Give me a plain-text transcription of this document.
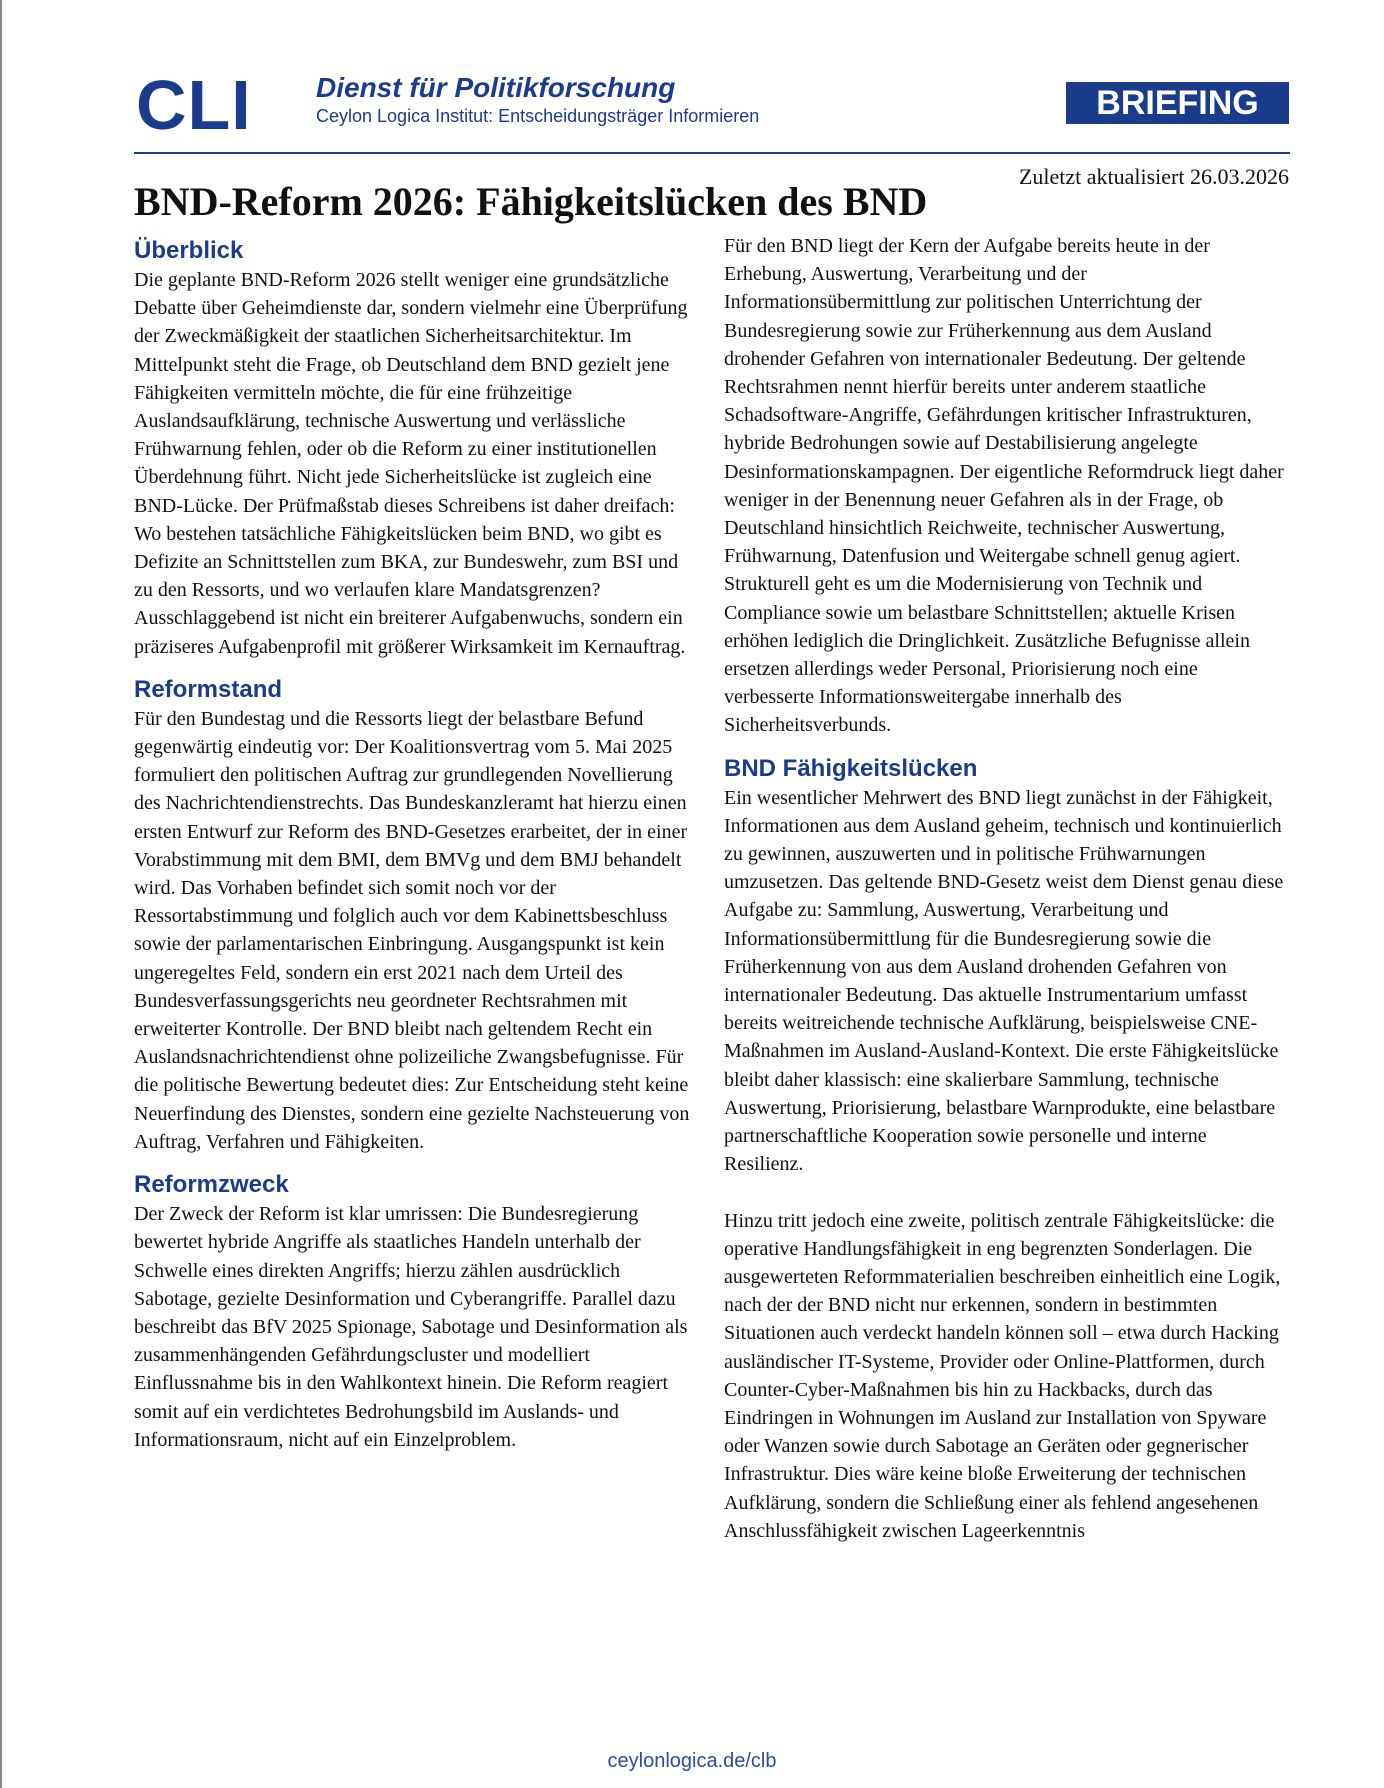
CLI Dienst für Politikforschung
Ceylon Logica Institut: Entscheidungsträger Informieren	BRIEFING
Zuletzt aktualisiert 26.03.2026
BND-Reform 2026: Fähigkeitslücken des BND
Überblick

Die geplante BND-Reform 2026 stellt weniger eine grundsätzliche Debatte über Geheimdienste dar, sondern vielmehr eine Überprüfung der Zweckmäßigkeit der staatlichen Sicherheitsarchitektur. Im Mittelpunkt steht die Frage, ob Deutschland dem BND gezielt jene Fähigkeiten vermitteln möchte, die für eine frühzeitige Auslandsaufklärung, technische Auswertung und verlässliche Frühwarnung fehlen, oder ob die Reform zu einer institutionellen Überdehnung führt. Nicht jede Sicherheitslücke ist zugleich eine BND-Lücke. Der Prüfmaßstab dieses Schreibens ist daher dreifach: Wo bestehen tatsächliche Fähigkeitslücken beim BND, wo gibt es Defizite an Schnittstellen zum BKA, zur Bundeswehr, zum BSI und zu den Ressorts, und wo verlaufen klare Mandatsgrenzen? Ausschlaggebend ist nicht ein breiterer Aufgabenwuchs, sondern ein präziseres Aufgabenprofil mit größerer Wirksamkeit im Kernauftrag.

Reformstand

Für den Bundestag und die Ressorts liegt der belastbare Befund gegenwärtig eindeutig vor: Der Koalitionsvertrag vom 5. Mai 2025 formuliert den politischen Auftrag zur grundlegenden Novellierung des Nachrichtendienstrechts. Das Bundeskanzleramt hat hierzu einen ersten Entwurf zur Reform des BND-Gesetzes erarbeitet, der in einer Vorabstimmung mit dem BMI, dem BMVg und dem BMJ behandelt wird. Das Vorhaben befindet sich somit noch vor der Ressortabstimmung und folglich auch vor dem Kabinettsbeschluss sowie der parlamentarischen Einbringung. Ausgangspunkt ist kein ungeregeltes Feld, sondern ein erst 2021 nach dem Urteil des Bundesverfassungsgerichts neu geordneter Rechtsrahmen mit erweiterter Kontrolle. Der BND bleibt nach geltendem Recht ein Auslandsnachrichtendienst ohne polizeiliche Zwangsbefugnisse. Für die politische Bewertung bedeutet dies: Zur Entscheidung steht keine Neuerfindung des Dienstes, sondern eine gezielte Nachsteuerung von Auftrag, Verfahren und Fähigkeiten.

Reformzweck

Der Zweck der Reform ist klar umrissen: Die Bundesregierung bewertet hybride Angriffe als staatliches Handeln unterhalb der Schwelle eines direkten Angriffs; hierzu zählen ausdrücklich Sabotage, gezielte Desinformation und Cyberangriffe. Parallel dazu beschreibt das BfV 2025 Spionage, Sabotage und Desinformation als zusammenhängenden Gefährdungscluster und modelliert Einflussnahme bis in den Wahlkontext hinein. Die Reform reagiert somit auf ein verdichtetes Bedrohungsbild im Auslands- und Informationsraum, nicht auf ein Einzelproblem.

Für den BND liegt der Kern der Aufgabe bereits heute in der Erhebung, Auswertung, Verarbeitung und der Informationsübermittlung zur politischen Unterrichtung der Bundesregierung sowie zur Früherkennung aus dem Ausland drohender Gefahren von internationaler Bedeutung. Der geltende Rechtsrahmen nennt hierfür bereits unter anderem staatliche Schadsoftware-Angriffe, Gefährdungen kritischer Infrastrukturen, hybride Bedrohungen sowie auf Destabilisierung angelegte Desinformationskampagnen. Der eigentliche Reformdruck liegt daher weniger in der Benennung neuer Gefahren als in der Frage, ob Deutschland hinsichtlich Reichweite, technischer Auswertung, Frühwarnung, Datenfusion und Weitergabe schnell genug agiert. Strukturell geht es um die Modernisierung von Technik und Compliance sowie um belastbare Schnittstellen; aktuelle Krisen erhöhen lediglich die Dringlichkeit. Zusätzliche Befugnisse allein ersetzen allerdings weder Personal, Priorisierung noch eine verbesserte Informationsweitergabe innerhalb des Sicherheitsverbunds.

BND Fähigkeitslücken

Ein wesentlicher Mehrwert des BND liegt zunächst in der Fähigkeit, Informationen aus dem Ausland geheim, technisch und kontinuierlich zu gewinnen, auszuwerten und in politische Frühwarnungen umzusetzen. Das geltende BND-Gesetz weist dem Dienst genau diese Aufgabe zu: Sammlung, Auswertung, Verarbeitung und Informationsübermittlung für die Bundesregierung sowie die Früherkennung von aus dem Ausland drohenden Gefahren von internationaler Bedeutung. Das aktuelle Instrumentarium umfasst bereits weitreichende technische Aufklärung, beispielsweise CNE-Maßnahmen im Ausland-Ausland-Kontext. Die erste Fähigkeitslücke bleibt daher klassisch: eine skalierbare Sammlung, technische Auswertung, Priorisierung, belastbare Warnprodukte, eine belastbare partnerschaftliche Kooperation sowie personelle und interne Resilienz.

Hinzu tritt jedoch eine zweite, politisch zentrale Fähigkeitslücke: die operative Handlungsfähigkeit in eng begrenzten Sonderlagen. Die ausgewerteten Reformmaterialien beschreiben einheitlich eine Logik, nach der der BND nicht nur erkennen, sondern in bestimmten Situationen auch verdeckt handeln können soll – etwa durch Hacking ausländischer IT-Systeme, Provider oder Online-Plattformen, durch Counter-Cyber-Maßnahmen bis hin zu Hackbacks, durch das Eindringen in Wohnungen im Ausland zur Installation von Spyware oder Wanzen sowie durch Sabotage an Geräten oder gegnerischer Infrastruktur. Dies wäre keine bloße Erweiterung der technischen Aufklärung, sondern die Schließung einer als fehlend angesehenen Anschlussfähigkeit zwischen Lageerkenntnis

ceylonlogica.de/clb
